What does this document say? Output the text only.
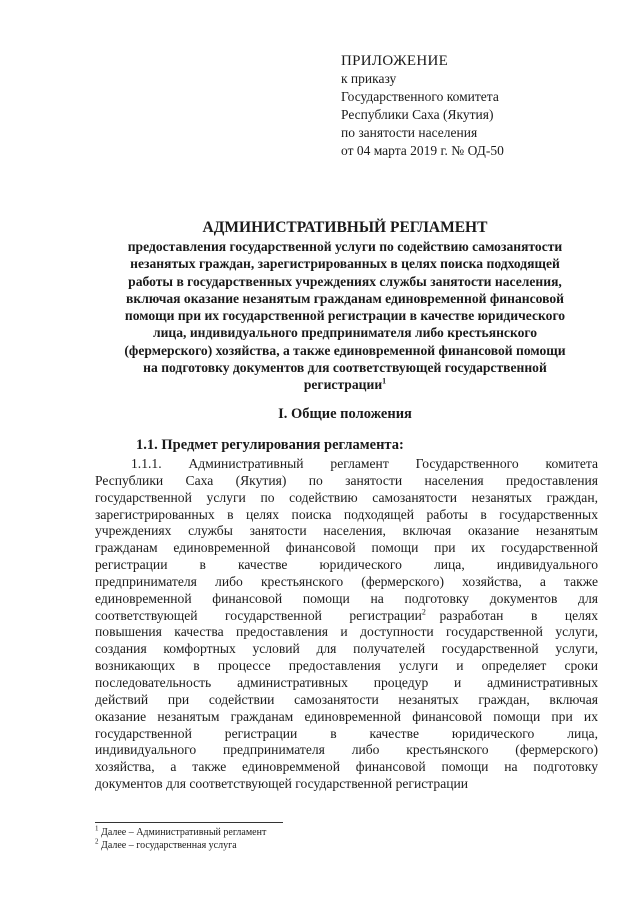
ПРИЛОЖЕНИЕ
к приказу
Государственного комитета
Республики Саха (Якутия)
по занятости населения
от 04 марта 2019 г. № ОД-50
АДМИНИСТРАТИВНЫЙ РЕГЛАМЕНТ
предоставления государственной услуги по содействию самозанятости
незанятых граждан, зарегистрированных в целях поиска подходящей
работы в государственных учреждениях службы занятости населения,
включая оказание незанятым гражданам единовременной финансовой
помощи при их государственной регистрации в качестве юридического
лица, индивидуального предпринимателя либо крестьянского
(фермерского) хозяйства, а также единовременной финансовой помощи
на подготовку документов для соответствующей государственной
регистрации$^1$
I. Общие положения
1.1. Предмет регулирования регламента:
1.1.1. Административный регламент Государственного комитета
Республики Саха (Якутия) по занятости населения предоставления
государственной услуги по содействию самозанятости незанятых граждан,
зарегистрированных в целях поиска подходящей работы в государственных
учреждениях службы занятости населения, включая оказание незанятым
гражданам единовременной финансовой помощи при их государственной
регистрации в качестве юридического лица, индивидуального
предпринимателя либо крестьянского (фермерского) хозяйства, а также
единовременной финансовой помощи на подготовку документов для
соответствующей государственной регистрации$^2$  разработан в целях
повышения качества предоставления и доступности государственной услуги,
создания комфортных условий для получателей государственной услуги,
возникающих в процессе предоставления услуги и определяет сроки
последовательность административных процедур и административных
действий при содействии самозанятости незанятых граждан, включая
оказание незанятым гражданам единовременной финансовой помощи при их
государственной регистрации в качестве юридического лица,
индивидуального предпринимателя либо крестьянского (фермерского)
хозяйства, а также единовремменой финансовой помощи на подготовку
документов для соответствующей государственной регистрации
$^1$ Далее – Административный регламент
$^2$ Далее – государственная услуга
